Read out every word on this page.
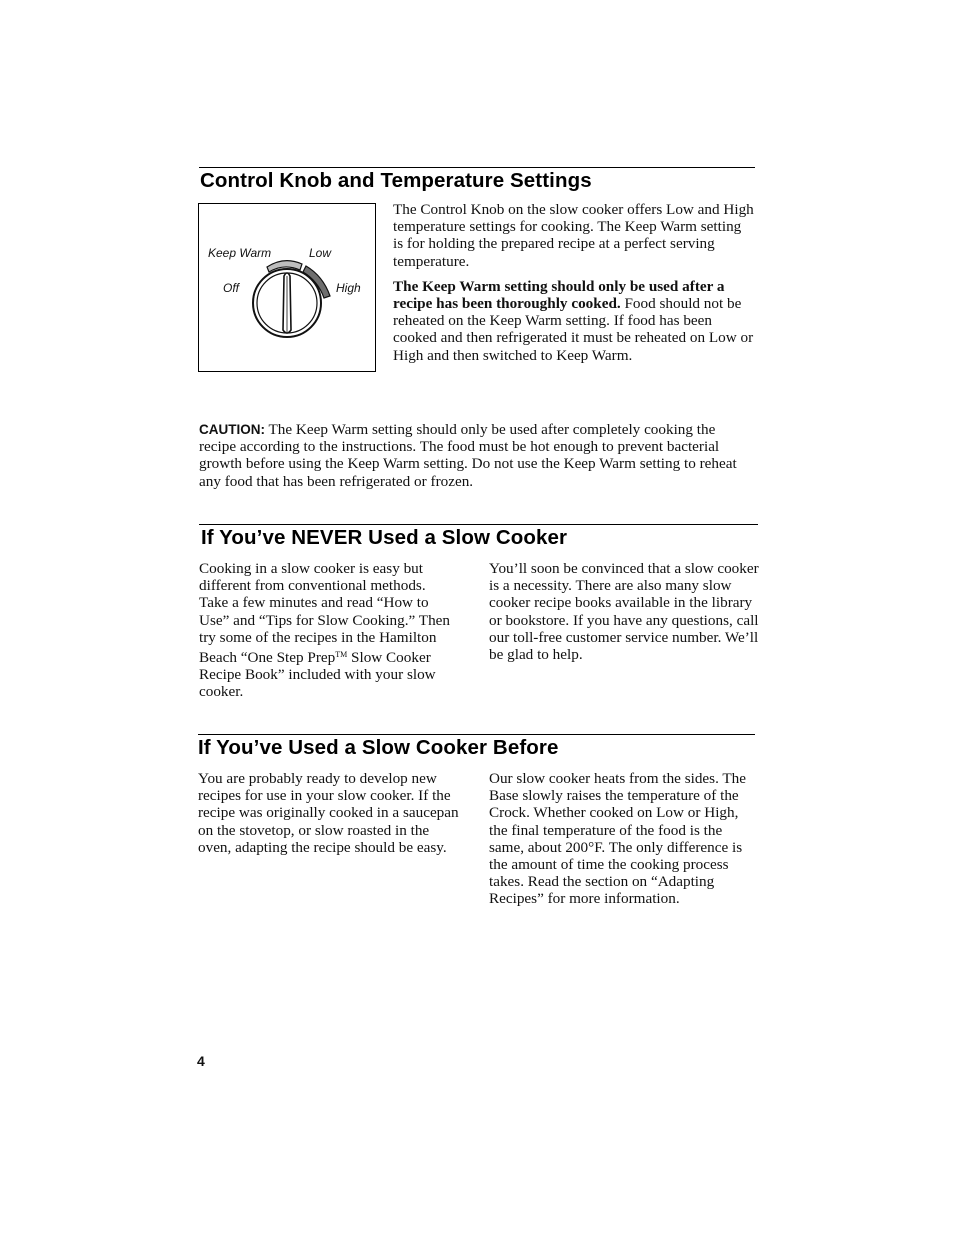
Control Knob and Temperature Settings
Keep Warm	Low
Off	High

The Control Knob on the slow cooker offers Low and High temperature settings for cooking. The Keep Warm setting is for holding the prepared recipe at a perfect serving temperature.

The Keep Warm setting should only be used after a recipe has been thoroughly cooked. Food should not be reheated on the Keep Warm setting. If food has been cooked and then refrigerated it must be reheated on Low or High and then switched to Keep Warm.

CAUTION: The Keep Warm setting should only be used after completely cooking the recipe according to the instructions. The food must be hot enough to prevent bacterial growth before using the Keep Warm setting. Do not use the Keep Warm setting to reheat any food that has been refrigerated or frozen.

If You’ve NEVER Used a Slow Cooker

Cooking in a slow cooker is easy but different from conventional methods. Take a few minutes and read “How to Use” and “Tips for Slow Cooking.” Then try some of the recipes in the Hamilton Beach “One Step Prep™ Slow Cooker Recipe Book” included with your slow cooker.

You’ll soon be convinced that a slow cooker is a necessity. There are also many slow cooker recipe books available in the library or bookstore. If you have any questions, call our toll-free customer service number. We’ll be glad to help.

If You’ve Used a Slow Cooker Before

You are probably ready to develop new recipes for use in your slow cooker. If the recipe was originally cooked in a saucepan on the stovetop, or slow roasted in the oven, adapting the recipe should be easy.

Our slow cooker heats from the sides. The Base slowly raises the temperature of the Crock. Whether cooked on Low or High, the final temperature of the food is the same, about 200°F. The only difference is the amount of time the cooking process takes. Read the section on “Adapting Recipes” for more information.

4
